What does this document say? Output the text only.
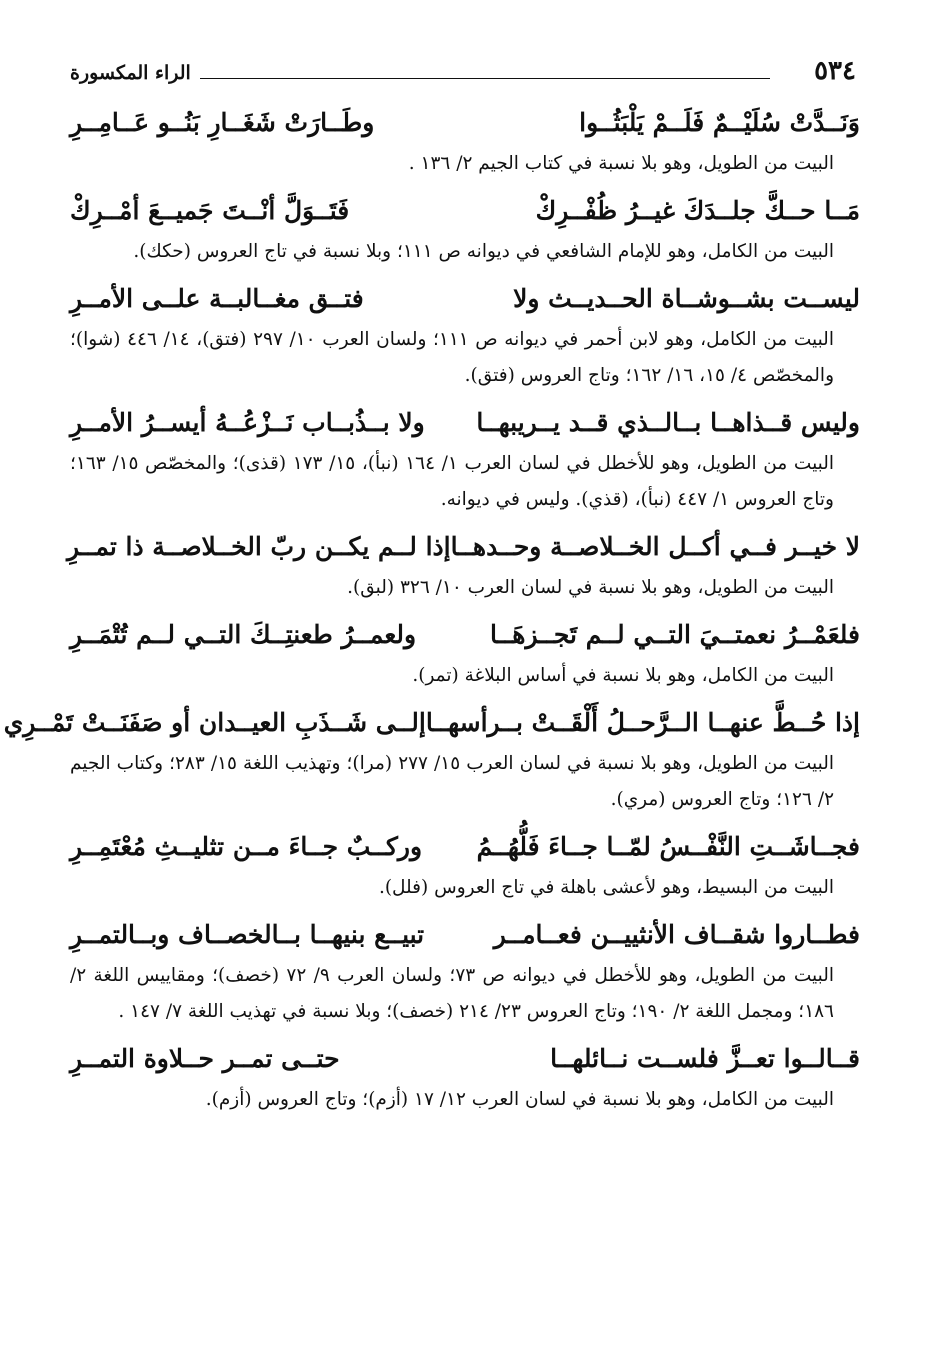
٥٣٤
الراء المكسورة
وَنَــدَّتْ سُلَيْــمٌ فَلَــمْ يَلْبَثُــوا
وطَــارَتْ شَغَــارِ بَنُــو عَــامِــرِ
البيت من الطويل، وهو بلا نسبة في كتاب الجيم ٢/ ١٣٦ .
مَــا حــكَّ جلــدَكَ غيــرُ ظُفْــرِكْ
فَتَــوَلَّ أنْــتَ جَميــعَ أمْــرِكْ
البيت من الكامل، وهو للإمام الشافعي في ديوانه ص ١١١؛ وبلا نسبة في تاج العروس (حكك).
ليســت بشــوشــاة الحــديــث ولا
فتــق مغــالبــة علــى الأمــرِ
البيت من الكامل، وهو لابن أحمر في ديوانه ص ١١١؛ ولسان العرب ١٠/ ٢٩٧ (فتق)، ١٤/ ٤٤٦ (شوا)؛ والمخصّص ٤/ ١٥، ١٦/ ١٦٢؛ وتاج العروس (فتق).
وليس قــذاهــا بــالــذي قــد يــريبهــا
ولا بــذُبــاب نَــزْعُــهُ أيســرُ الأمــرِ
البيت من الطويل، وهو للأخطل في لسان العرب ١/ ١٦٤ (نبأ)، ١٥/ ١٧٣ (قذى)؛ والمخصّص ١٥/ ١٦٣؛ وتاج العروس ١/ ٤٤٧ (نبأ)، (قذي). وليس في ديوانه.
لا خيــر فــي أكــل الخــلاصــة وحــدهــا
إذا لــم يكــن ربّ الخــلاصــة ذا تمــرِ
البيت من الطويل، وهو بلا نسبة في لسان العرب ١٠/ ٣٢٦ (لبق).
فلعَمْــرُ نعمتــيَ التــي لــم تَجــزهَــا
ولعمــرُ طعنتِــكَ التــي لــم تُتْمَــرِ
البيت من الكامل، وهو بلا نسبة في أساس البلاغة (تمر).
إذا حُــطَّ عنهــا الــرَّحــلُ أَلْقَــتْ بــرأسهــا
إلــى شَــذَبِ العيــدان أو صَفَنَــتْ تَمْــرِي
البيت من الطويل، وهو بلا نسبة في لسان العرب ١٥/ ٢٧٧ (مرا)؛ وتهذيب اللغة ١٥/ ٢٨٣؛ وكتاب الجيم ٢/ ١٢٦؛ وتاج العروس (مري).
فجــاشَــتِ النَّفْــسُ لمّــا جــاءَ فَلُّهُــمُ
وركــبٌ جــاءَ مــن تثليــثِ مُعْتَمِــرِ
البيت من البسيط، وهو لأعشى باهلة في تاج العروس (فلل).
فطــاروا شقــاف الأنثييــن فعــامــر
تبيــع بنيهــا بــالخصــاف وبــالتمــرِ
البيت من الطويل، وهو للأخطل في ديوانه ص ٧٣؛ ولسان العرب ٩/ ٧٢ (خصف)؛ ومقاييس اللغة ٢/ ١٨٦؛ ومجمل اللغة ٢/ ١٩٠؛ وتاج العروس ٢٣/ ٢١٤ (خصف)؛ وبلا نسبة في تهذيب اللغة ٧/ ١٤٧ .
قــالــوا تعــزَّ فلســت نــائلهــا
حتــى تمــر حــلاوة التمــرِ
البيت من الكامل، وهو بلا نسبة في لسان العرب ١٢/ ١٧ (أزم)؛ وتاج العروس (أزم).
